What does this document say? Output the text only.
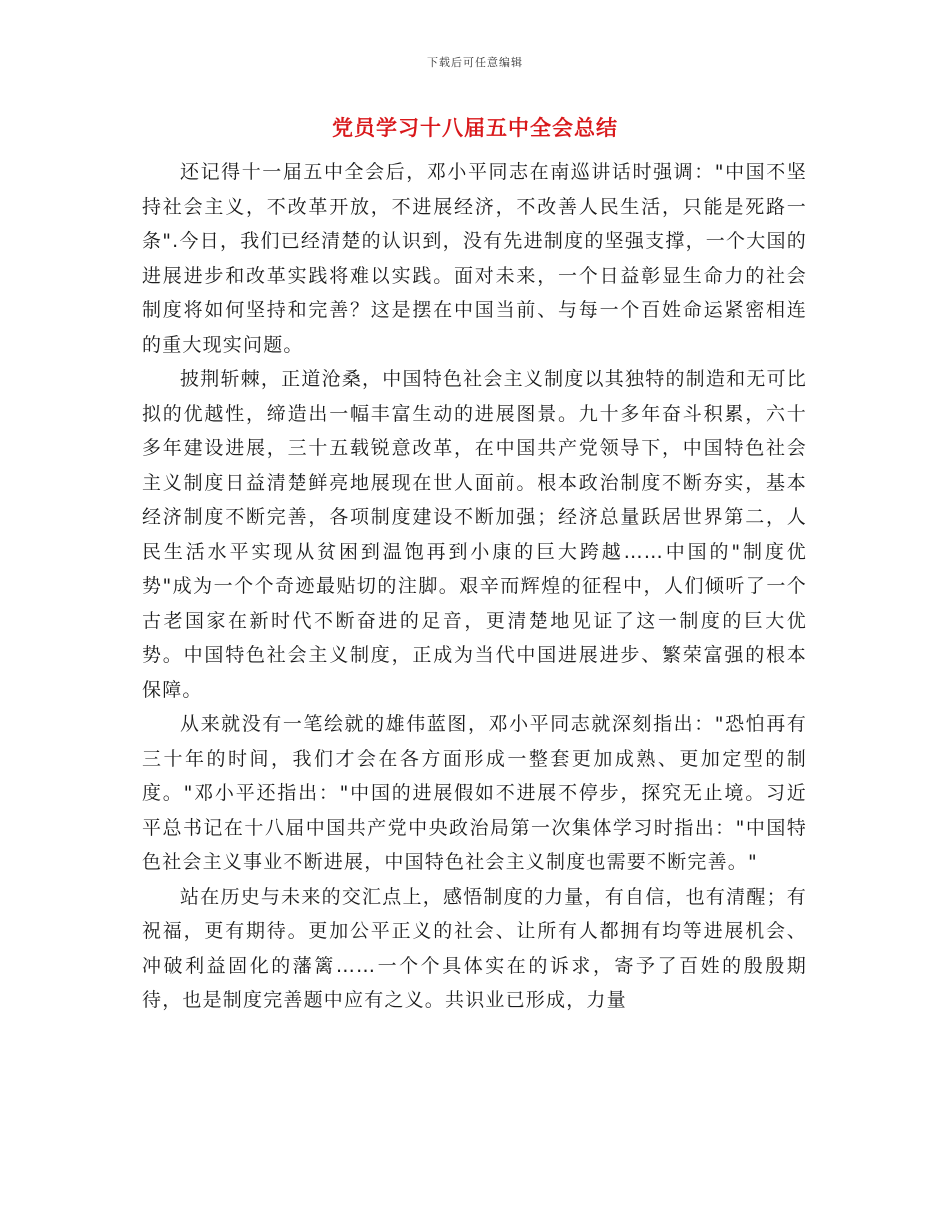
下载后可任意编辑
党员学习十八届五中全会总结

还记得十一届五中全会后，邓小平同志在南巡讲话时强调："中国不坚持社会主义，不改革开放，不进展经济，不改善人民生活，只能是死路一条".今日，我们已经清楚的认识到，没有先进制度的坚强支撑，一个大国的进展进步和改革实践将难以实践。面对未来，一个日益彰显生命力的社会制度将如何坚持和完善？这是摆在中国当前、与每一个百姓命运紧密相连的重大现实问题。

披荆斩棘，正道沧桑，中国特色社会主义制度以其独特的制造和无可比拟的优越性，缔造出一幅丰富生动的进展图景。九十多年奋斗积累，六十多年建设进展，三十五载锐意改革，在中国共产党领导下，中国特色社会主义制度日益清楚鲜亮地展现在世人面前。根本政治制度不断夯实，基本经济制度不断完善，各项制度建设不断加强；经济总量跃居世界第二，人民生活水平实现从贫困到温饱再到小康的巨大跨越……中国的"制度优势"成为一个个奇迹最贴切的注脚。艰辛而辉煌的征程中，人们倾听了一个古老国家在新时代不断奋进的足音，更清楚地见证了这一制度的巨大优势。中国特色社会主义制度，正成为当代中国进展进步、繁荣富强的根本保障。

从来就没有一笔绘就的雄伟蓝图，邓小平同志就深刻指出："恐怕再有三十年的时间，我们才会在各方面形成一整套更加成熟、更加定型的制度。"邓小平还指出："中国的进展假如不进展不停步，探究无止境。习近平总书记在十八届中国共产党中央政治局第一次集体学习时指出："中国特色社会主义事业不断进展，中国特色社会主义制度也需要不断完善。"

站在历史与未来的交汇点上，感悟制度的力量，有自信，也有清醒；有祝福，更有期待。更加公平正义的社会、让所有人都拥有均等进展机会、冲破利益固化的藩篱……一个个具体实在的诉求，寄予了百姓的殷殷期待，也是制度完善题中应有之义。共识业已形成，力量
